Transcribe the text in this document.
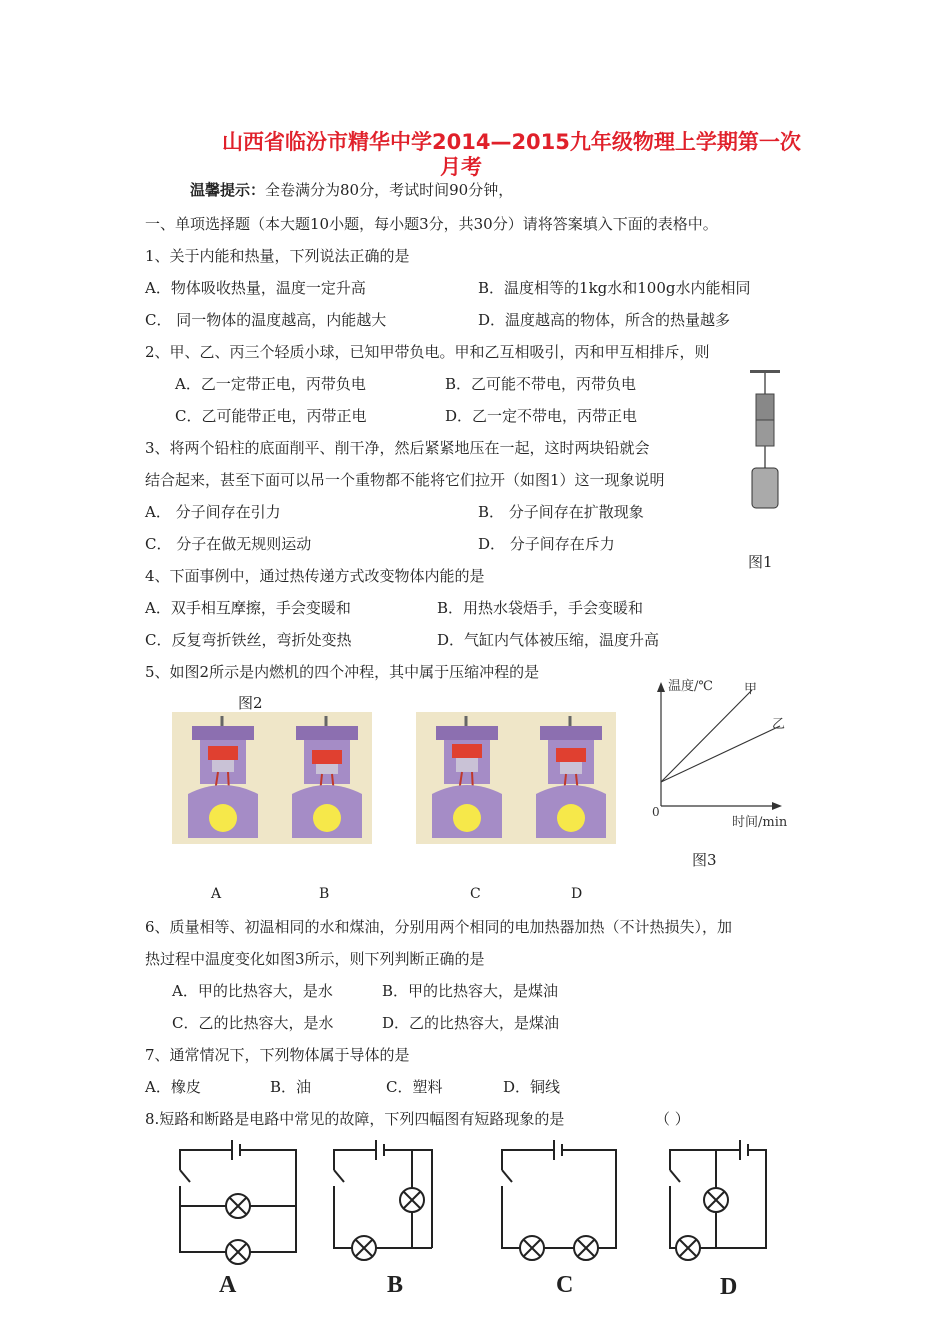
山西省临汾市精华中学2014—2015九年级物理上学期第一次
月考
温馨提示：全卷满分为80分，考试时间90分钟，
一、单项选择题（本大题10小题，每小题3分，共30分）请将答案填入下面的表格中。
1、关于内能和热量，下列说法正确的是
A．物体吸收热量，温度一定升高	B．温度相等的1kg水和100g水内能相同
C． 同一物体的温度越高，内能越大	D．温度越高的物体，所含的热量越多
2、甲、乙、丙三个轻质小球，已知甲带负电。甲和乙互相吸引，丙和甲互相排斥，则
A．乙一定带正电，丙带负电	B．乙可能不带电，丙带负电
C．乙可能带正电，丙带正电	D．乙一定不带电，丙带正电
3、将两个铅柱的底面削平、削干净，然后紧紧地压在一起，这时两块铅就会
结合起来，甚至下面可以吊一个重物都不能将它们拉开（如图1）这一现象说明
A． 分子间存在引力	B． 分子间存在扩散现象
C． 分子在做无规则运动	D． 分子间存在斥力
图1
4、下面事例中，通过热传递方式改变物体内能的是
A．双手相互摩擦，手会变暖和	B．用热水袋焐手，手会变暖和
C．反复弯折铁丝，弯折处变热	D．气缸内气体被压缩，温度升高
5、如图2所示是内燃机的四个冲程，其中属于压缩冲程的是
图2
A	B	C	D
温度/℃ 甲
乙
0
时间/min
图3
6、质量相等、初温相同的水和煤油，分别用两个相同的电加热器加热（不计热损失），加
热过程中温度变化如图3所示，则下列判断正确的是
A．甲的比热容大，是水	B．甲的比热容大，是煤油
C．乙的比热容大，是水	D．乙的比热容大，是煤油
7、通常情况下，下列物体属于导体的是
A．橡皮	B．油	C．塑料	D．铜线
8.短路和断路是电路中常见的故障，下列四幅图有短路现象的是	（ ）
A	B	C	D
